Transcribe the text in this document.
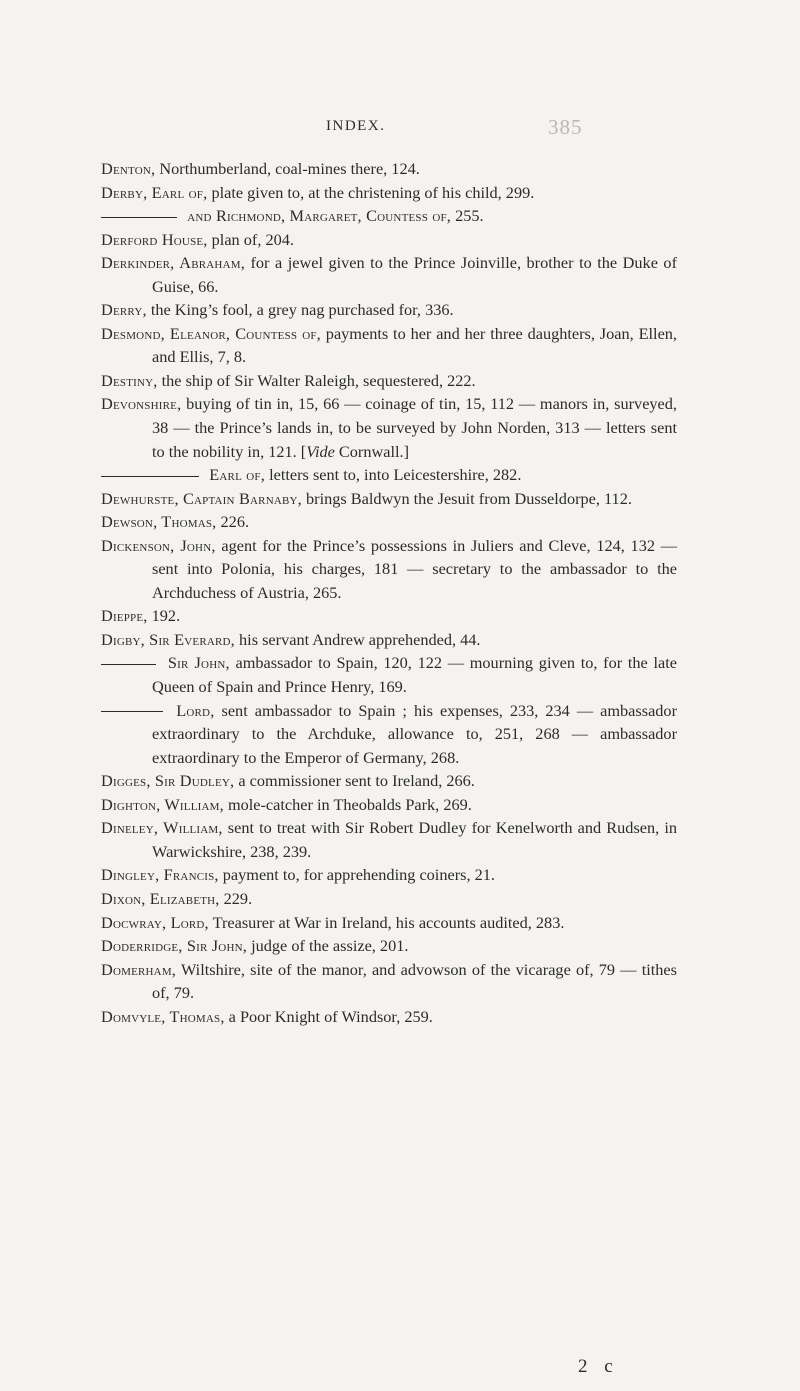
INDEX.	385

Denton, Northumberland, coal-mines there, 124.

Derby, Earl of, plate given to, at the christening of his child, 299.

and Richmond, Margaret, Countess of, 255.

Derford House, plan of, 204.

Derkinder, Abraham, for a jewel given to the Prince Joinville, brother to the Duke of Guise, 66.

Derry, the King’s fool, a grey nag purchased for, 336.

Desmond, Eleanor, Countess of, payments to her and her three daughters, Joan, Ellen, and Ellis, 7, 8.

Destiny, the ship of Sir Walter Raleigh, sequestered, 222.

Devonshire, buying of tin in, 15, 66 — coinage of tin, 15, 112 — manors in, surveyed, 38 — the Prince’s lands in, to be surveyed by John Norden, 313 — letters sent to the nobility in, 121. [Vide Cornwall.]

Earl of, letters sent to, into Leicestershire, 282.

Dewhurste, Captain Barnaby, brings Baldwyn the Jesuit from Dusseldorpe, 112.

Dewson, Thomas, 226.

Dickenson, John, agent for the Prince’s possessions in Juliers and Cleve, 124, 132 — sent into Polonia, his charges, 181 — secretary to the ambassador to the Archduchess of Austria, 265.

Dieppe, 192.

Digby, Sir Everard, his servant Andrew apprehended, 44.

Sir John, ambassador to Spain, 120, 122 — mourning given to, for the late Queen of Spain and Prince Henry, 169.

Lord, sent ambassador to Spain ; his expenses, 233, 234 — ambassador extraordinary to the Archduke, allowance to, 251, 268 — ambassador extraordinary to the Emperor of Germany, 268.

Digges, Sir Dudley, a commissioner sent to Ireland, 266.

Dighton, William, mole-catcher in Theobalds Park, 269.

Dineley, William, sent to treat with Sir Robert Dudley for Kenelworth and Rudsen, in Warwickshire, 238, 239.

Dingley, Francis, payment to, for apprehending coiners, 21.

Dixon, Elizabeth, 229.

Docwray, Lord, Treasurer at War in Ireland, his accounts audited, 283.

Doderridge, Sir John, judge of the assize, 201.

Domerham, Wiltshire, site of the manor, and advowson of the vicarage of, 79 — tithes of, 79.

Domvyle, Thomas, a Poor Knight of Windsor, 259.

2 c
